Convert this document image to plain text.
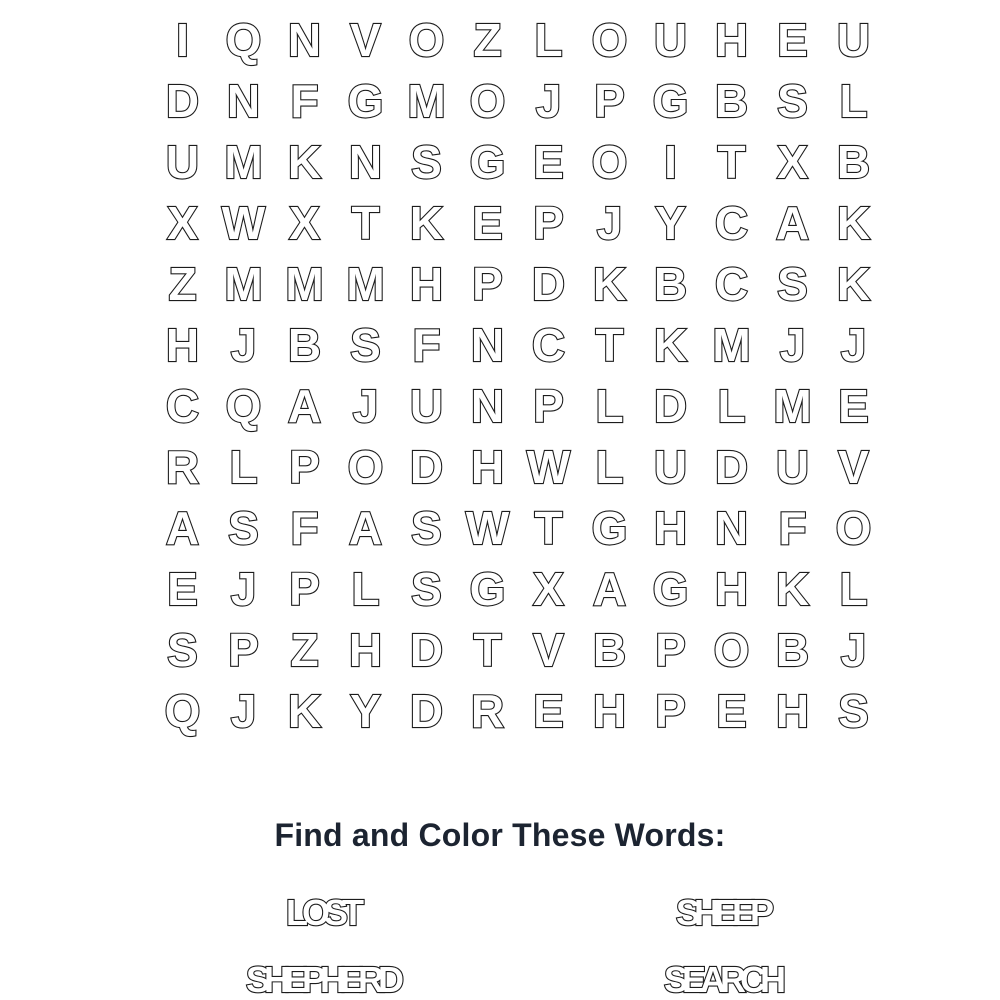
I Q N V O Z L O U H E U
D N F G M O J P G B S L
U M K N S G E O I T X B
X W X T K E P J Y C A K
Z M M M H P D K B C S K
H J B S F N C T K M J J
C Q A J U N P L D L M E
R L P O D H W L U D U V
A S F A S W T G H N F O
E J P L S G X A G H K L
S P Z H D T V B P O B J
Q J K Y D R E H P E H S
Find and Color These Words:
LOST	SHEEP
SHEPHERD	SEARCH
